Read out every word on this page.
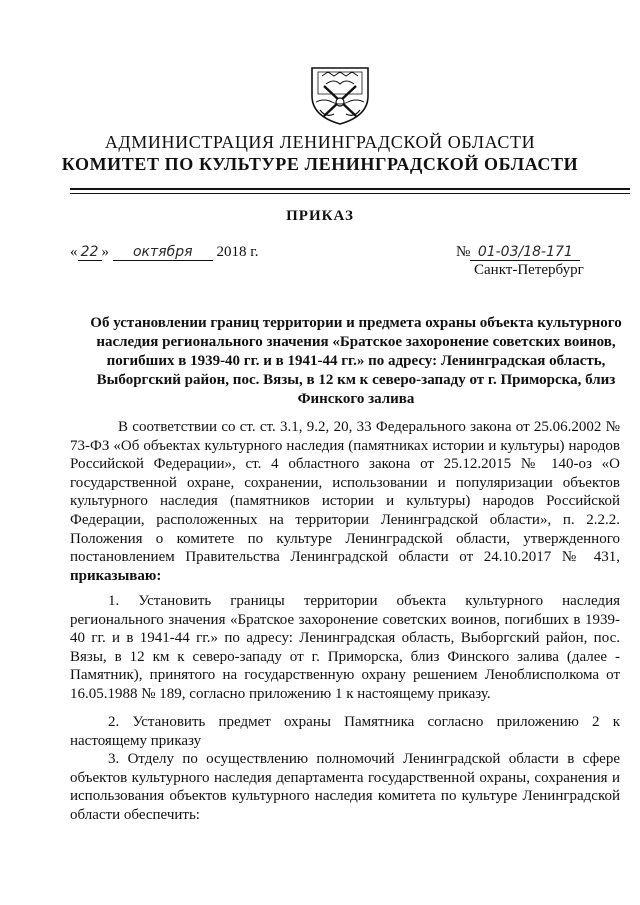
АДМИНИСТРАЦИЯ ЛЕНИНГРАДСКОЙ ОБЛАСТИ
КОМИТЕТ ПО КУЛЬТУРЕ ЛЕНИНГРАДСКОЙ ОБЛАСТИ
ПРИКАЗ
« 22 » октября 2018 г.	№ 01-03/18-171
Санкт-Петербург
Об установлении границ территории и предмета охраны объекта культурного наследия регионального значения «Братское захоронение советских воинов, погибших в 1939-40 гг. и в 1941-44 гг.» по адресу: Ленинградская область, Выборгский район, пос. Вязы, в 12 км к северо-западу от г. Приморска, близ Финского залива
В соответствии со ст. ст. 3.1, 9.2, 20, 33 Федерального закона от 25.06.2002 № 73-ФЗ «Об объектах культурного наследия (памятниках истории и культуры) народов Российской Федерации», ст. 4 областного закона от 25.12.2015 № 140-оз «О государственной охране, сохранении, использовании и популяризации объектов культурного наследия (памятников истории и культуры) народов Российской Федерации, расположенных на территории Ленинградской области», п. 2.2.2. Положения о комитете по культуре Ленинградской области, утвержденного постановлением Правительства Ленинградской области от 24.10.2017 № 431, приказываю:
1. Установить границы территории объекта культурного наследия регионального значения «Братское захоронение советских воинов, погибших в 1939-40 гг. и в 1941-44 гг.» по адресу: Ленинградская область, Выборгский район, пос. Вязы, в 12 км к северо-западу от г. Приморска, близ Финского залива (далее - Памятник), принятого на государственную охрану решением Леноблисполкома от 16.05.1988 № 189, согласно приложению 1 к настоящему приказу.
2. Установить предмет охраны Памятника согласно приложению 2 к настоящему приказу
3. Отделу по осуществлению полномочий Ленинградской области в сфере объектов культурного наследия департамента государственной охраны, сохранения и использования объектов культурного наследия комитета по культуре Ленинградской области обеспечить:
